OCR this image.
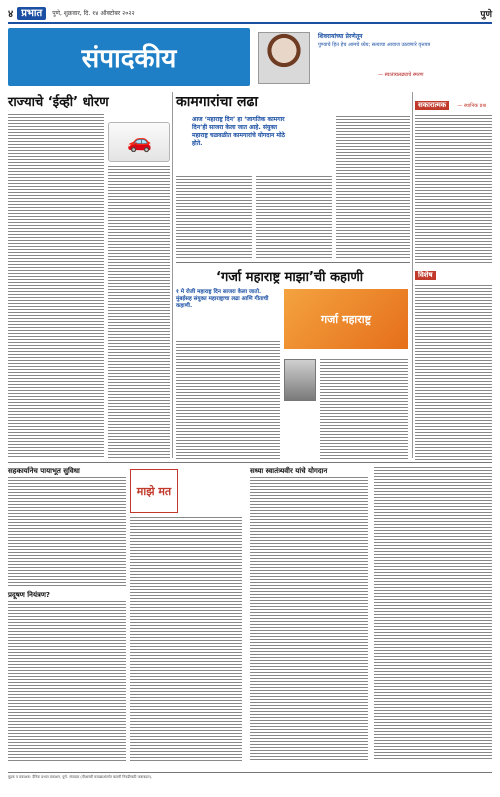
४ प्रभात	पुणे, शुक्रवार, दि. १४ ऑक्टोबर २०२२	पुणे
संपादकीय
शिवरायांच्या प्रेरणेतून
पुण्याचे हित हेच आमचे ध्येय; सत्याचा आवाज उठवणारे वृत्तपत्र
— स्वातंत्र्यलढ्याचे स्मरण
राज्याचे ‘ईव्ही’ धोरण
🚗	कामगारांचा लढा
आज ‘महाराष्ट्र दिन’ हा ‘जागतिक कामगार दिन’ही साजरा केला जात आहे. संयुक्त महाराष्ट्र चळवळीत कामगारांचे योगदान मोठे होते.
सकारात्मक — स्थानिक प्रश्न
‘गर्जा महाराष्ट्र माझा’ची कहाणी
१ मे रोजी महाराष्ट्र दिन साजरा केला जातो. मुंबईसह संयुक्त महाराष्ट्राचा लढा आणि गीताची कहाणी.
गर्जा महाराष्ट्र
विशेष
सहकार्यानेच पायाभूत सुविधा
प्रदूषण नियंत्रण?
माझे मत
सध्या स्वातंत्र्यवीर यांचे योगदान
मुद्रक व प्रकाशक: दैनिक प्रभात प्रकाशन, पुणे. संपादक (पीआरबी कायद्याअंतर्गत बातमी निवडीसाठी जबाबदार).
